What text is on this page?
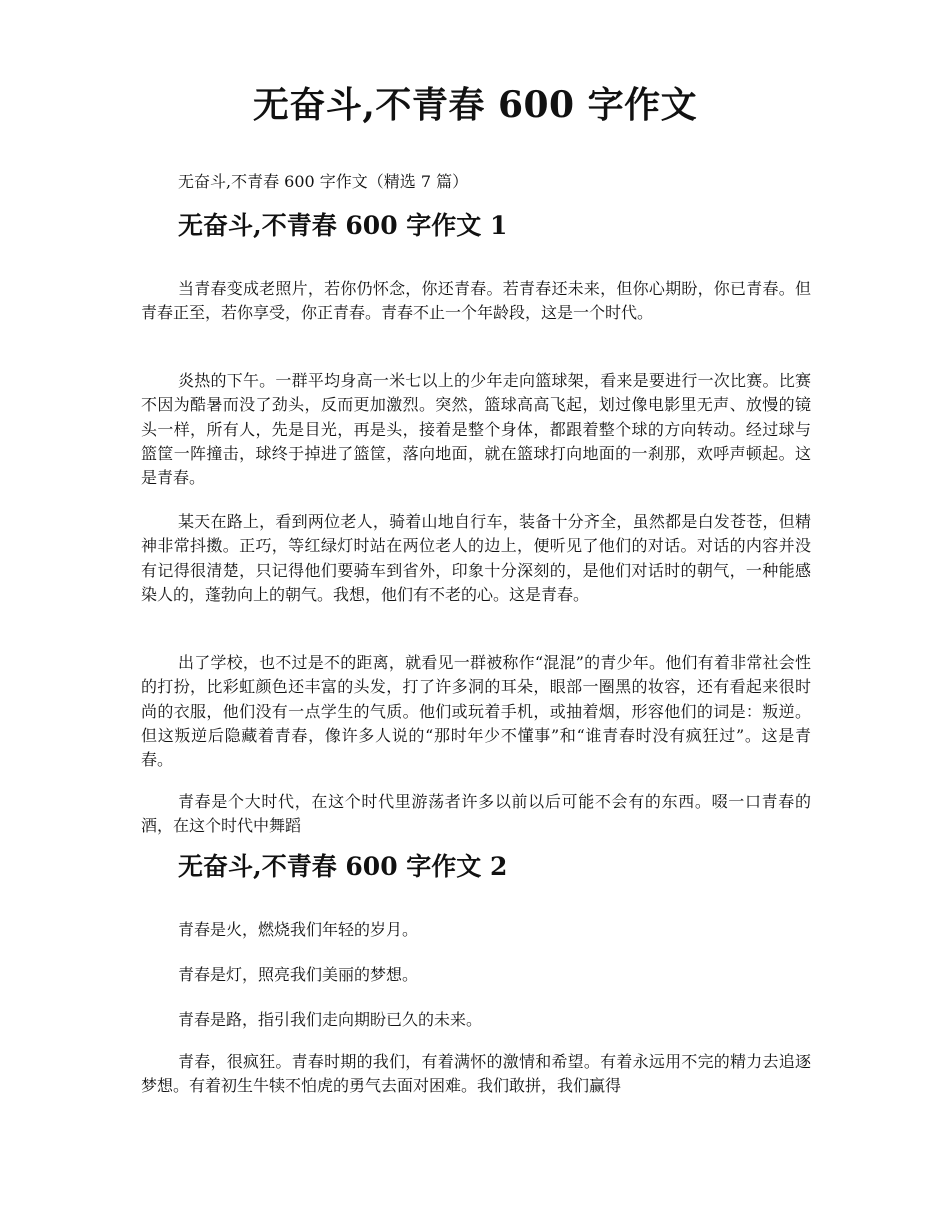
无奋斗,不青春 600 字作文

无奋斗,不青春 600 字作文（精选 7 篇）

无奋斗,不青春 600 字作文 1

当青春变成老照片，若你仍怀念，你还青春。若青春还未来，但你心期盼，你已青春。但青春正至，若你享受，你正青春。青春不止一个年龄段，这是一个时代。

炎热的下午。一群平均身高一米七以上的少年走向篮球架，看来是要进行一次比赛。比赛不因为酷暑而没了劲头，反而更加激烈。突然，篮球高高飞起，划过像电影里无声、放慢的镜头一样，所有人，先是目光，再是头，接着是整个身体，都跟着整个球的方向转动。经过球与篮筐一阵撞击，球终于掉进了篮筐，落向地面，就在篮球打向地面的一刹那，欢呼声顿起。这是青春。

某天在路上，看到两位老人，骑着山地自行车，装备十分齐全，虽然都是白发苍苍，但精神非常抖擞。正巧，等红绿灯时站在两位老人的边上，便听见了他们的对话。对话的内容并没有记得很清楚，只记得他们要骑车到省外，印象十分深刻的，是他们对话时的朝气，一种能感染人的，蓬勃向上的朝气。我想，他们有不老的心。这是青春。

出了学校，也不过是不的距离，就看见一群被称作“混混”的青少年。他们有着非常社会性的打扮，比彩虹颜色还丰富的头发，打了许多洞的耳朵，眼部一圈黑的妆容，还有看起来很时尚的衣服，他们没有一点学生的气质。他们或玩着手机，或抽着烟，形容他们的词是：叛逆。但这叛逆后隐藏着青春，像许多人说的“那时年少不懂事”和“谁青春时没有疯狂过”。这是青春。

青春是个大时代，在这个时代里游荡者许多以前以后可能不会有的东西。啜一口青春的酒，在这个时代中舞蹈

无奋斗,不青春 600 字作文 2

青春是火，燃烧我们年轻的岁月。

青春是灯，照亮我们美丽的梦想。

青春是路，指引我们走向期盼已久的未来。

青春，很疯狂。青春时期的我们，有着满怀的激情和希望。有着永远用不完的精力去追逐梦想。有着初生牛犊不怕虎的勇气去面对困难。我们敢拼，我们赢得
